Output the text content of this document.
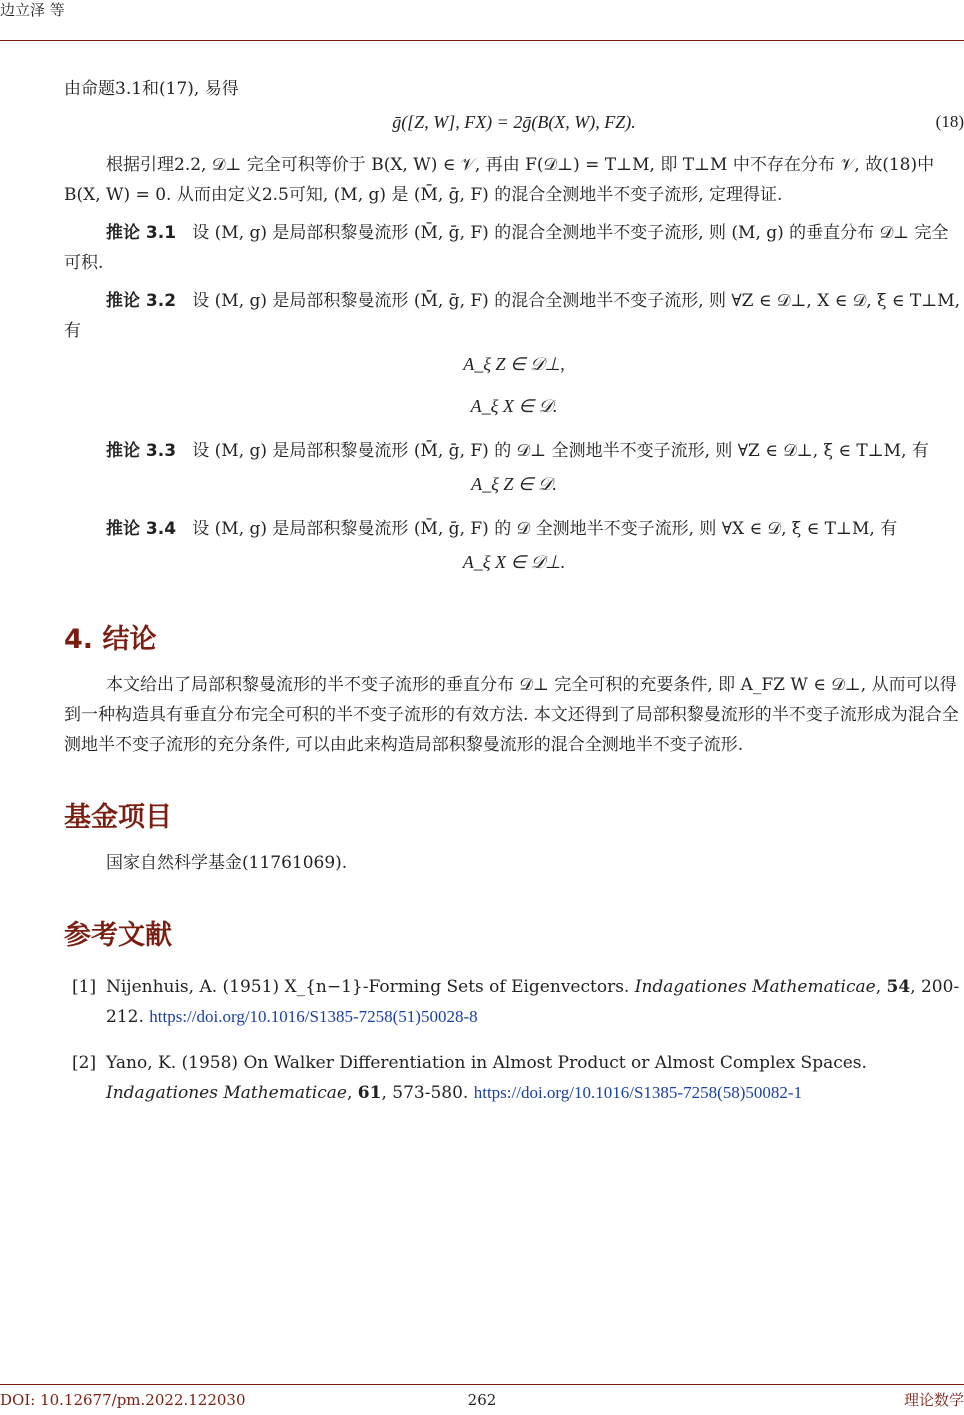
边立泽 等

由命题3.1和(17), 易得

ḡ([Z, W], FX) = 2ḡ(B(X, W), FZ).	(18)

根据引理2.2, 𝒟⊥ 完全可积等价于 B(X, W) ∈ 𝒱, 再由 F(𝒟⊥) = T⊥M, 即 T⊥M 中不存在分布 𝒱, 故(18)中 B(X, W) = 0. 从而由定义2.5可知, (M, g) 是 (M̄, ḡ, F) 的混合全测地半不变子流形, 定理得证.

推论 3.1 设 (M, g) 是局部积黎曼流形 (M̄, ḡ, F) 的混合全测地半不变子流形, 则 (M, g) 的垂直分布 𝒟⊥ 完全可积.

推论 3.2 设 (M, g) 是局部积黎曼流形 (M̄, ḡ, F) 的混合全测地半不变子流形, 则 ∀Z ∈ 𝒟⊥, X ∈ 𝒟, ξ ∈ T⊥M, 有

A_ξ Z ∈ 𝒟⊥,
A_ξ X ∈ 𝒟.

推论 3.3 设 (M, g) 是局部积黎曼流形 (M̄, ḡ, F) 的 𝒟⊥ 全测地半不变子流形, 则 ∀Z ∈ 𝒟⊥, ξ ∈ T⊥M, 有

A_ξ Z ∈ 𝒟.

推论 3.4 设 (M, g) 是局部积黎曼流形 (M̄, ḡ, F) 的 𝒟 全测地半不变子流形, 则 ∀X ∈ 𝒟, ξ ∈ T⊥M, 有

A_ξ X ∈ 𝒟⊥.
4. 结论

本文给出了局部积黎曼流形的半不变子流形的垂直分布 𝒟⊥ 完全可积的充要条件, 即 A_FZ W ∈ 𝒟⊥, 从而可以得到一种构造具有垂直分布完全可积的半不变子流形的有效方法. 本文还得到了局部积黎曼流形的半不变子流形成为混合全测地半不变子流形的充分条件, 可以由此来构造局部积黎曼流形的混合全测地半不变子流形.

基金项目

国家自然科学基金(11761069).

参考文献

[1] Nijenhuis, A. (1951) X_{n−1}-Forming Sets of Eigenvectors. Indagationes Mathematicae, 54, 200-212. https://doi.org/10.1016/S1385-7258(51)50028-8

[2] Yano, K. (1958) On Walker Differentiation in Almost Product or Almost Complex Spaces. Indagationes Mathematicae, 61, 573-580. https://doi.org/10.1016/S1385-7258(58)50082-1

DOI: 10.12677/pm.2022.122030	262	理论数学
